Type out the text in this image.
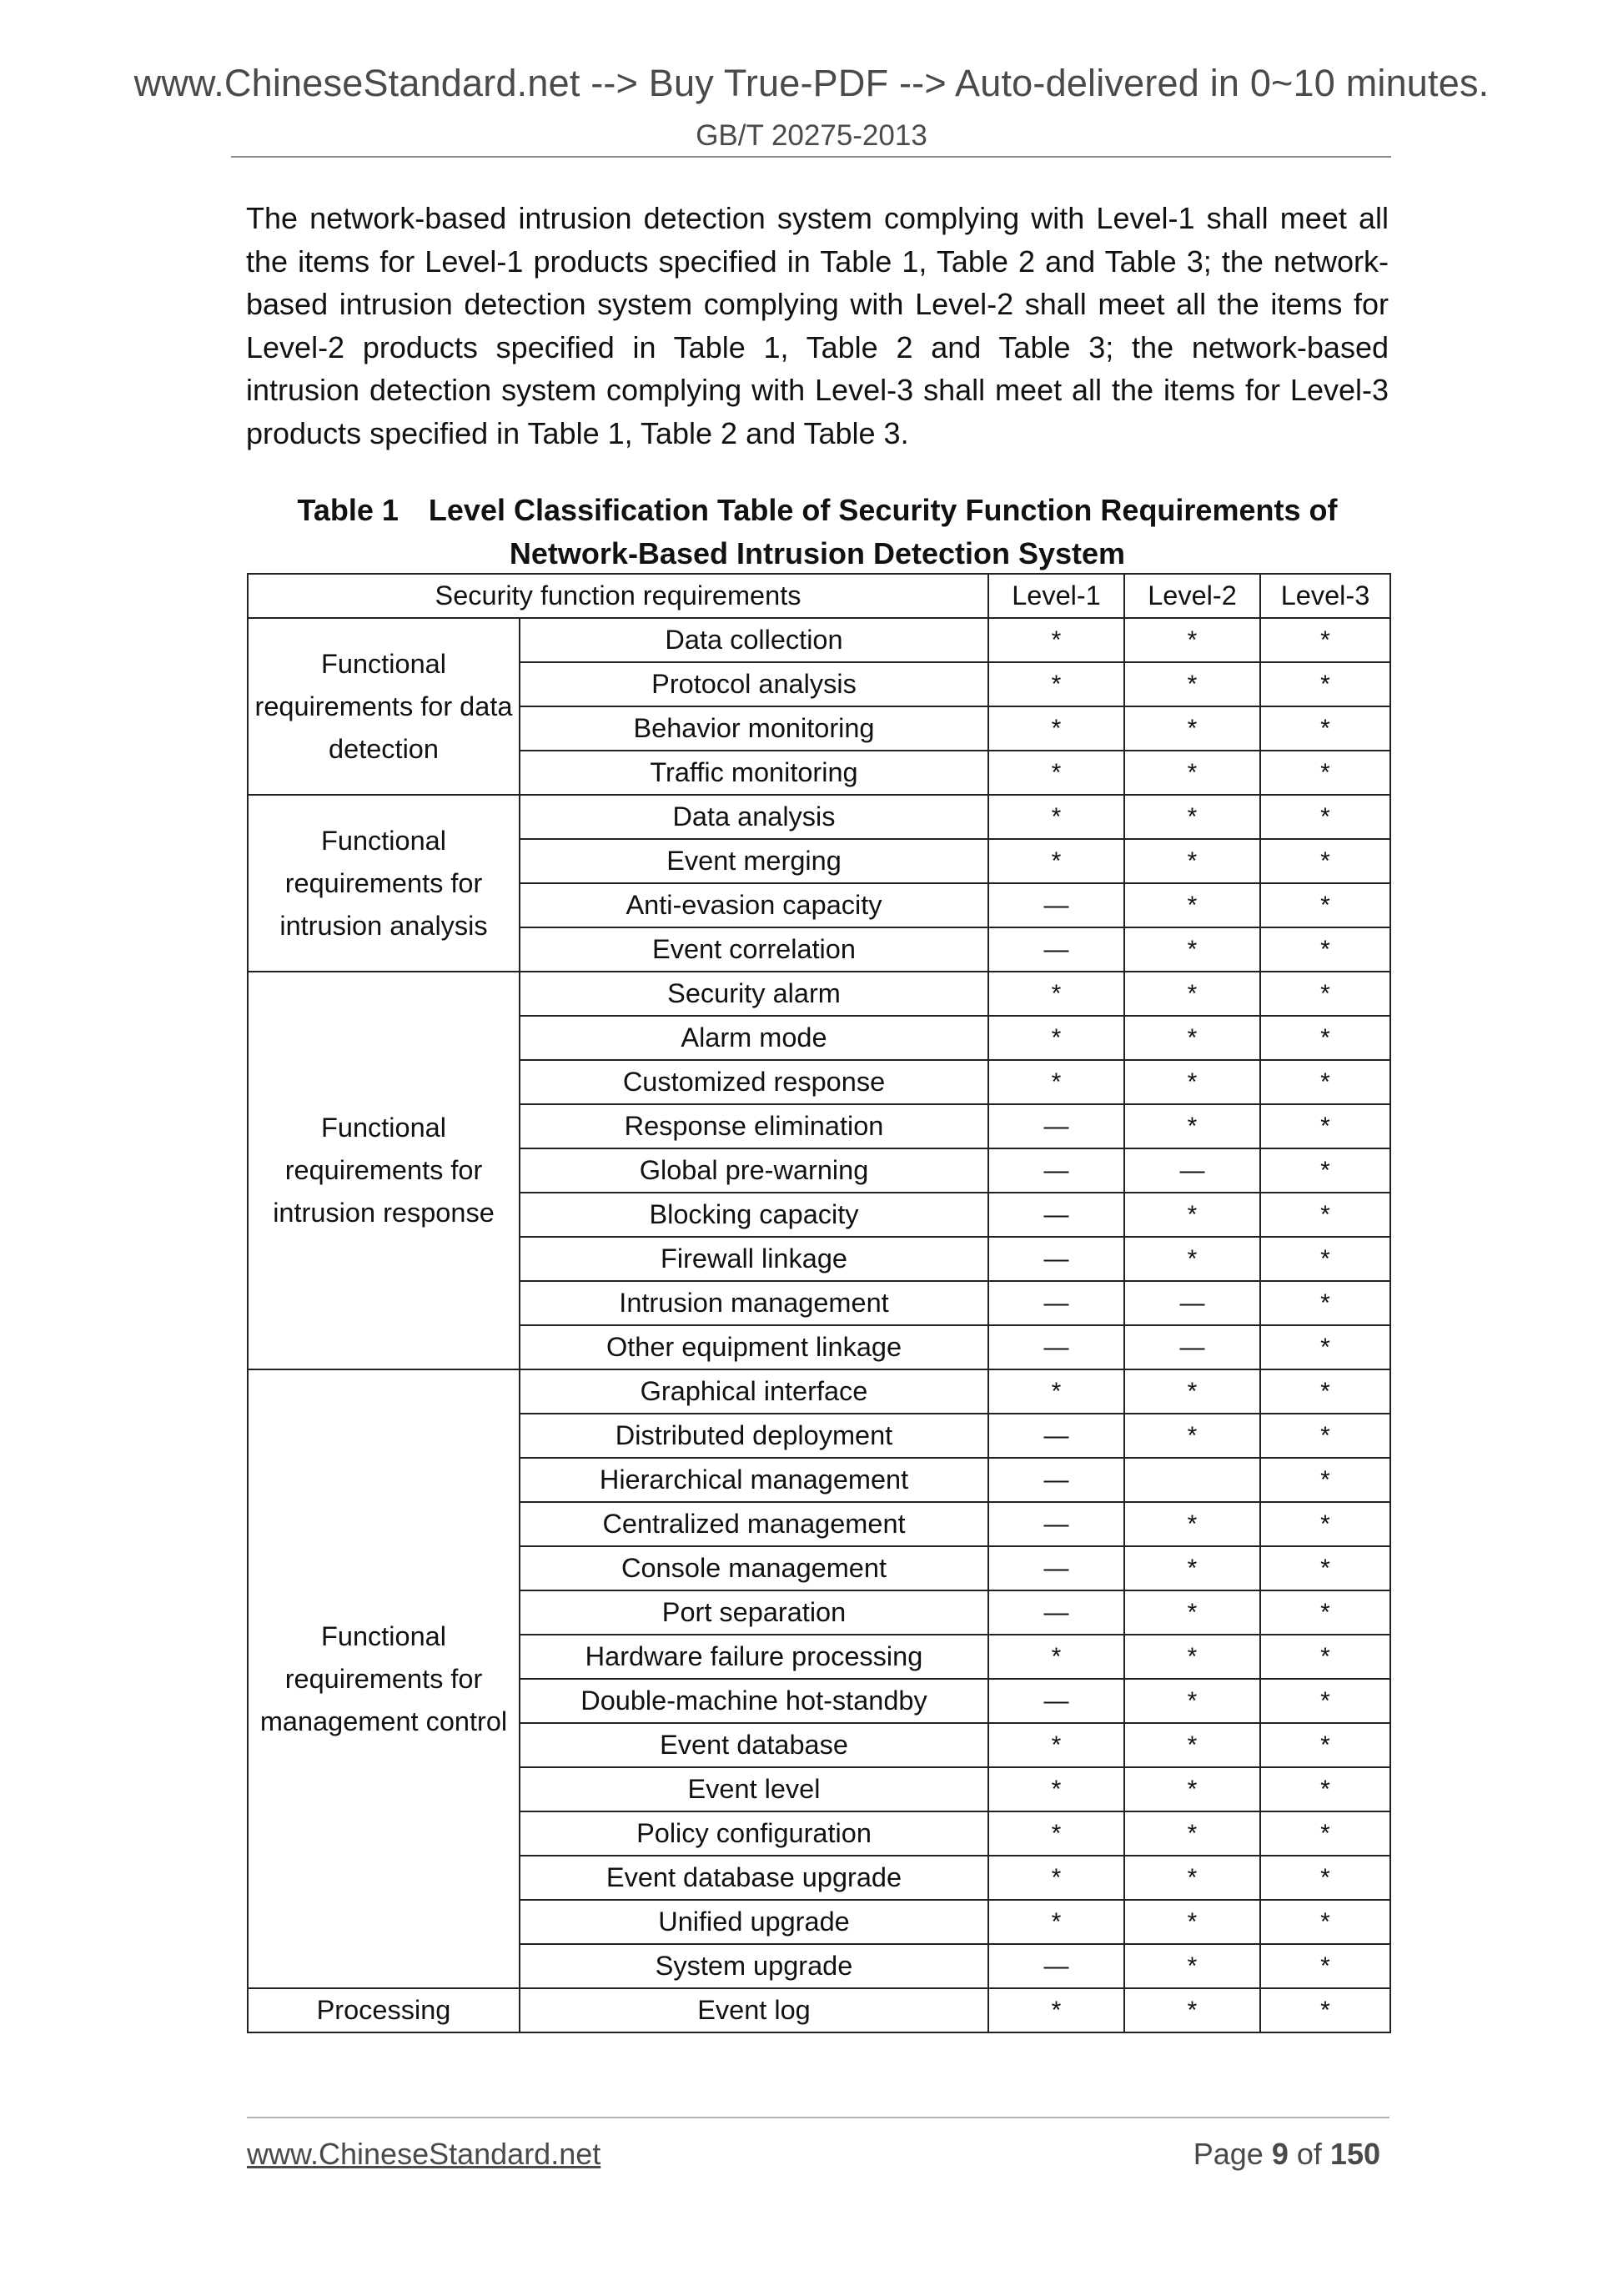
www.ChineseStandard.net --> Buy True-PDF --> Auto-delivered in 0~10 minutes.
GB/T 20275-2013

The network-based intrusion detection system complying with Level-1 shall meet all the items for Level-1 products specified in Table 1, Table 2 and Table 3; the network-based intrusion detection system complying with Level-2 shall meet all the items for Level-2 products specified in Table 1, Table 2 and Table 3; the network-based intrusion detection system complying with Level-3 shall meet all the items for Level-3 products specified in Table 1, Table 2 and Table 3.

Table 1 Level Classification Table of Security Function Requirements of
Network-Based Intrusion Detection System
Security function requirements		Level-1	Level-2	Level-3
Functional requirements for data detection	Data collection	*	*	*
	Protocol analysis	*	*	*
	Behavior monitoring	*	*	*
	Traffic monitoring	*	*	*
Functional requirements for intrusion analysis	Data analysis	*	*	*
	Event merging	*	*	*
	Anti-evasion capacity	—	*	*
	Event correlation	—	*	*
Functional requirements for intrusion response	Security alarm	*	*	*
	Alarm mode	*	*	*
	Customized response	*	*	*
	Response elimination	—	*	*
	Global pre-warning	—	—	*
	Blocking capacity	—	*	*
	Firewall linkage	—	*	*
	Intrusion management	—	—	*
	Other equipment linkage	—	—	*
Functional requirements for management control	Graphical interface	*	*	*
	Distributed deployment	—	*	*
	Hierarchical management	—		*
	Centralized management	—	*	*
	Console management	—	*	*
	Port separation	—	*	*
	Hardware failure processing	*	*	*
	Double-machine hot-standby	—	*	*
	Event database	*	*	*
	Event level	*	*	*
	Policy configuration	*	*	*
	Event database upgrade	*	*	*
	Unified upgrade	*	*	*
	System upgrade	—	*	*
Processing	Event log	*	*	*
www.ChineseStandard.net	Page 9 of 150
